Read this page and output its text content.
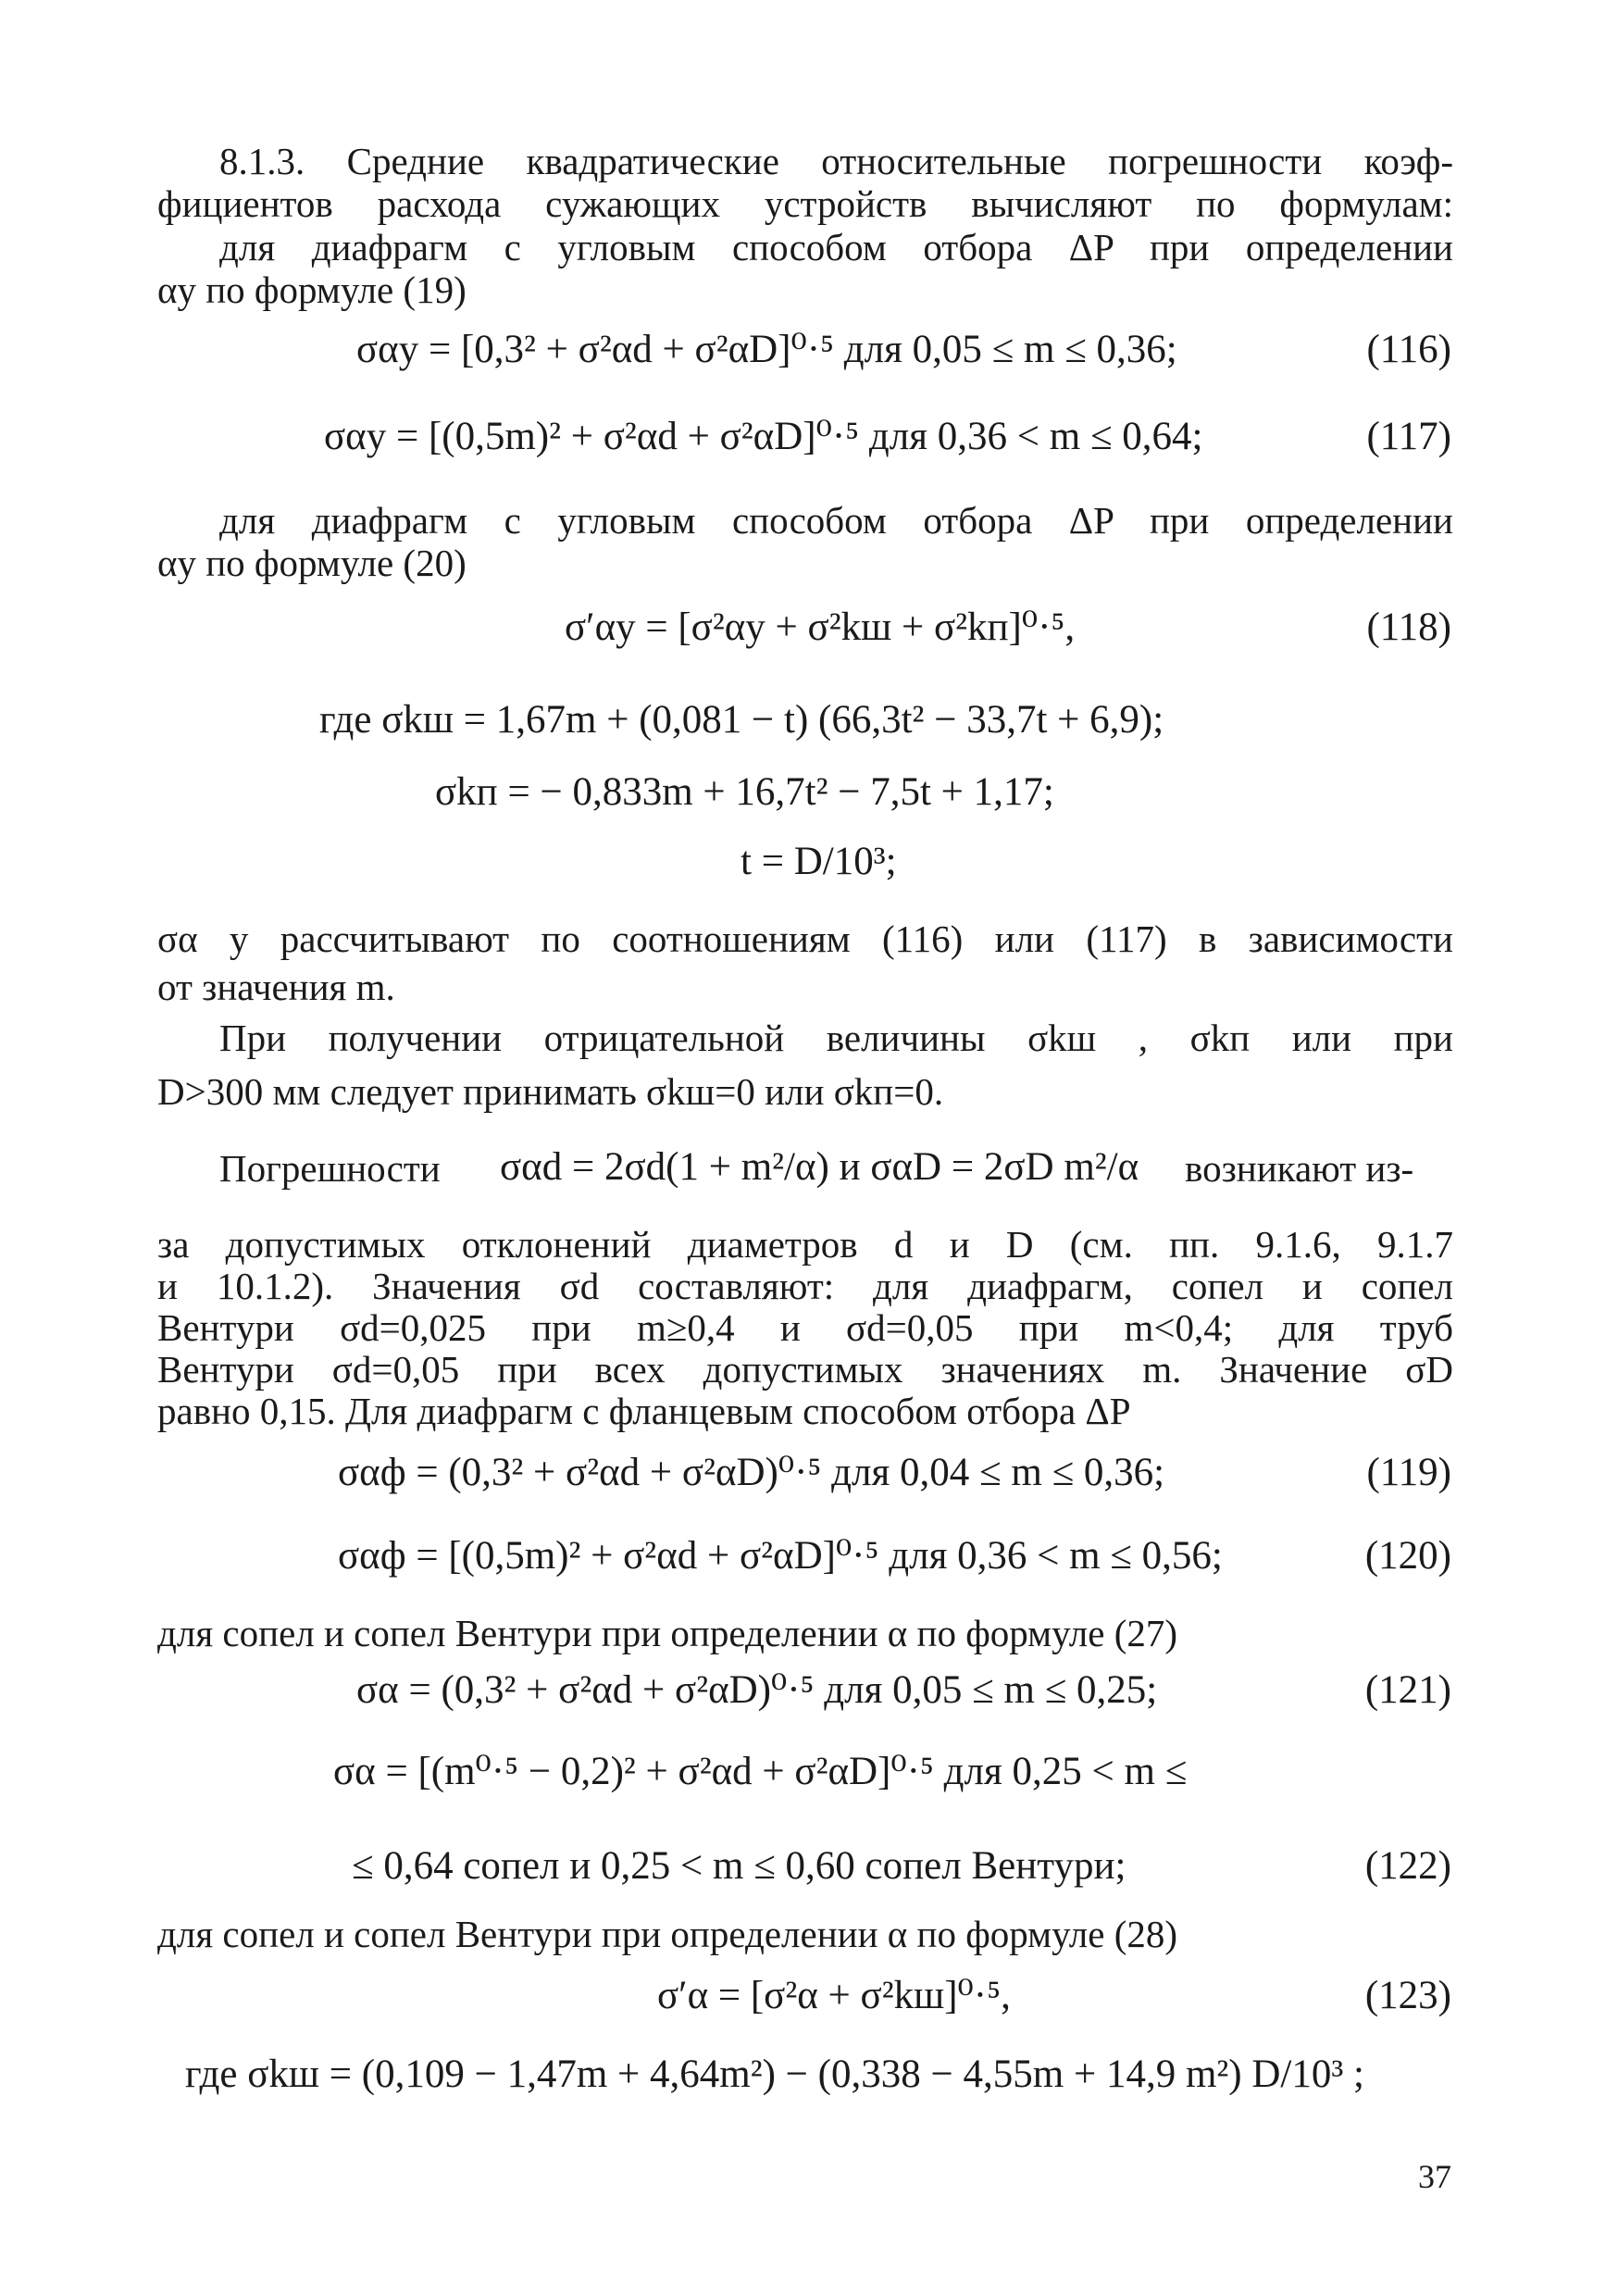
8.1.3. Средние квадратические относительные погрешности коэф-
фициентов расхода сужающих устройств вычисляют по формулам:
для диафрагм с угловым способом отбора ΔP при определении
αу по формуле (19)
σαу = [0,3² + σ²αd + σ²αD]⁰·⁵ для 0,05 ≤ m ≤ 0,36;	(116)
σαу = [(0,5m)² + σ²αd + σ²αD]⁰·⁵ для 0,36 < m ≤ 0,64;	(117)
для диафрагм с угловым способом отбора ΔP при определении
αу по формуле (20)
σ′αу = [σ²αу + σ²kш + σ²kп]⁰·⁵,	(118)
где σkш = 1,67m + (0,081 − t) (66,3t² − 33,7t + 6,9);
σkп = − 0,833m + 16,7t² − 7,5t + 1,17;
t = D/10³;
σα у рассчитывают по соотношениям (116) или (117) в зависимости
от значения m.
При получении отрицательной величины σkш , σkп или при
D>300 мм следует принимать σkш=0 или σkп=0.
Погрешности σαd = 2σd(1 + m²/α) и σαD = 2σD m²/α возникают из-
за допустимых отклонений диаметров d и D (см. пп. 9.1.6, 9.1.7
и 10.1.2). Значения σd составляют: для диафрагм, сопел и сопел
Вентури σd=0,025 при m≥0,4 и σd=0,05 при m<0,4; для труб
Вентури σd=0,05 при всех допустимых значениях m. Значение σD
равно 0,15. Для диафрагм с фланцевым способом отбора ΔP
σαф = (0,3² + σ²αd + σ²αD)⁰·⁵ для 0,04 ≤ m ≤ 0,36;	(119)
σαф = [(0,5m)² + σ²αd + σ²αD]⁰·⁵ для 0,36 < m ≤ 0,56;	(120)
для сопел и сопел Вентури при определении α по формуле (27)
σα = (0,3² + σ²αd + σ²αD)⁰·⁵ для 0,05 ≤ m ≤ 0,25;	(121)
σα = [(m⁰·⁵ − 0,2)² + σ²αd + σ²αD]⁰·⁵ для 0,25 < m ≤
≤ 0,64 сопел и 0,25 < m ≤ 0,60 сопел Вентури;	(122)
для сопел и сопел Вентури при определении α по формуле (28)
σ′α = [σ²α + σ²kш]⁰·⁵,	(123)
где σkш = (0,109 − 1,47m + 4,64m²) − (0,338 − 4,55m + 14,9 m²) D/10³ ;
37
